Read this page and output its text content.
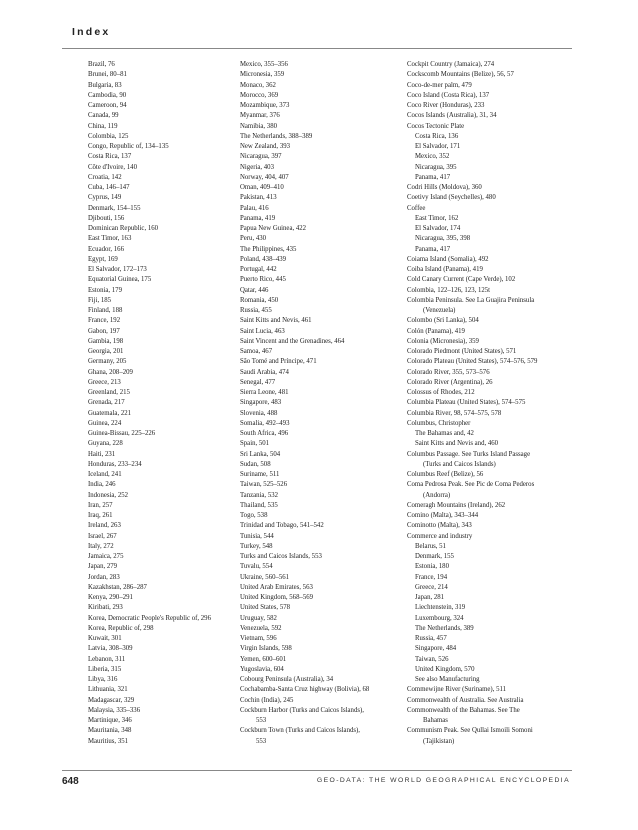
Index
Brazil, 76
Brunei, 80–81
Bulgaria, 83
Cambodia, 90
Cameroon, 94
Canada, 99
China, 119
Colombia, 125
Congo, Republic of, 134–135
Costa Rica, 137
Côte d'Ivoire, 140
Croatia, 142
Cuba, 146–147
Cyprus, 149
Denmark, 154–155
Djibouti, 156
Dominican Republic, 160
East Timor, 163
Ecuador, 166
Egypt, 169
El Salvador, 172–173
Equatorial Guinea, 175
Estonia, 179
Fiji, 185
Finland, 188
France, 192
Gabon, 197
Gambia, 198
Georgia, 201
Germany, 205
Ghana, 208–209
Greece, 213
Greenland, 215
Grenada, 217
Guatemala, 221
Guinea, 224
Guinea-Bissau, 225–226
Guyana, 228
Haiti, 231
Honduras, 233–234
Iceland, 241
India, 246
Indonesia, 252
Iran, 257
Iraq, 261
Ireland, 263
Israel, 267
Italy, 272
Jamaica, 275
Japan, 279
Jordan, 283
Kazakhstan, 286–287
Kenya, 290–291
Kiribati, 293
Korea, Democratic People's Republic of, 296
Korea, Republic of, 298
Kuwait, 301
Latvia, 308–309
Lebanon, 311
Liberia, 315
Libya, 316
Lithuania, 321
Madagascar, 329
Malaysia, 335–336
Martinique, 346
Mauritania, 348
Mauritius, 351
Mexico, 355–356
Micronesia, 359
Monaco, 362
Morocco, 369
Mozambique, 373
Myanmar, 376
Namibia, 380
The Netherlands, 388–389
New Zealand, 393
Nicaragua, 397
Nigeria, 403
Norway, 404, 407
Oman, 409–410
Pakistan, 413
Palau, 416
Panama, 419
Papua New Guinea, 422
Peru, 430
The Philippines, 435
Poland, 438–439
Portugal, 442
Puerto Rico, 445
Qatar, 446
Romania, 450
Russia, 455
Saint Kitts and Nevis, 461
Saint Lucia, 463
Saint Vincent and the Grenadines, 464
Samoa, 467
São Tomé and Príncipe, 471
Saudi Arabia, 474
Senegal, 477
Sierra Leone, 481
Singapore, 483
Slovenia, 488
Somalia, 492–493
South Africa, 496
Spain, 501
Sri Lanka, 504
Sudan, 508
Suriname, 511
Taiwan, 525–526
Tanzania, 532
Thailand, 535
Togo, 538
Trinidad and Tobago, 541–542
Tunisia, 544
Turkey, 548
Turks and Caicos Islands, 553
Tuvalu, 554
Ukraine, 560–561
United Arab Emirates, 563
United Kingdom, 568–569
United States, 578
Uruguay, 582
Venezuela, 592
Vietnam, 596
Virgin Islands, 598
Yemen, 600–601
Yugoslavia, 604
Cobourg Peninsula (Australia), 34
Cochabamba-Santa Cruz highway (Bolivia), 68
Cochin (India), 245
Cockburn Harbor (Turks and Caicos Islands),
553
Cockburn Town (Turks and Caicos Islands),
553
Cockpit Country (Jamaica), 274
Cockscomb Mountains (Belize), 56, 57
Coco-de-mer palm, 479
Coco Island (Costa Rica), 137
Coco River (Honduras), 233
Cocos Islands (Australia), 31, 34
Cocos Tectonic Plate
Costa Rica, 136
El Salvador, 171
Mexico, 352
Nicaragua, 395
Panama, 417
Codri Hills (Moldova), 360
Coetivy Island (Seychelles), 480
Coffee
East Timor, 162
El Salvador, 174
Nicaragua, 395, 398
Panama, 417
Coiama Island (Somalia), 492
Coiba Island (Panama), 419
Cold Canary Current (Cape Verde), 102
Colombia, 122–126, 123, 125t
Colombia Peninsula. See La Guajira Peninsula
(Venezuela)
Colombo (Sri Lanka), 504
Colón (Panama), 419
Colonia (Micronesia), 359
Colorado Piedmont (United States), 571
Colorado Plateau (United States), 574–576, 579
Colorado River, 355, 573–576
Colorado River (Argentina), 26
Colossus of Rhodes, 212
Columbia Plateau (United States), 574–575
Columbia River, 98, 574–575, 578
Columbus, Christopher
The Bahamas and, 42
Saint Kitts and Nevis and, 460
Columbus Passage. See Turks Island Passage
(Turks and Caicos Islands)
Columbus Reef (Belize), 56
Coma Pedrosa Peak. See Pic de Coma Pederos
(Andorra)
Comeragh Mountains (Ireland), 262
Comino (Malta), 343–344
Cominotto (Malta), 343
Commerce and industry
Belarus, 51
Denmark, 155
Estonia, 180
France, 194
Greece, 214
Japan, 281
Liechtenstein, 319
Luxembourg, 324
The Netherlands, 389
Russia, 457
Singapore, 484
Taiwan, 526
United Kingdom, 570
See also Manufacturing
Commewijne River (Suriname), 511
Commonwealth of Australia. See Australia
Commonwealth of the Bahamas. See The
Bahamas
Communism Peak. See Qullai Ismoili Somoni
(Tajikistan)
648	GEO-DATA: THE WORLD GEOGRAPHICAL ENCYCLOPEDIA
